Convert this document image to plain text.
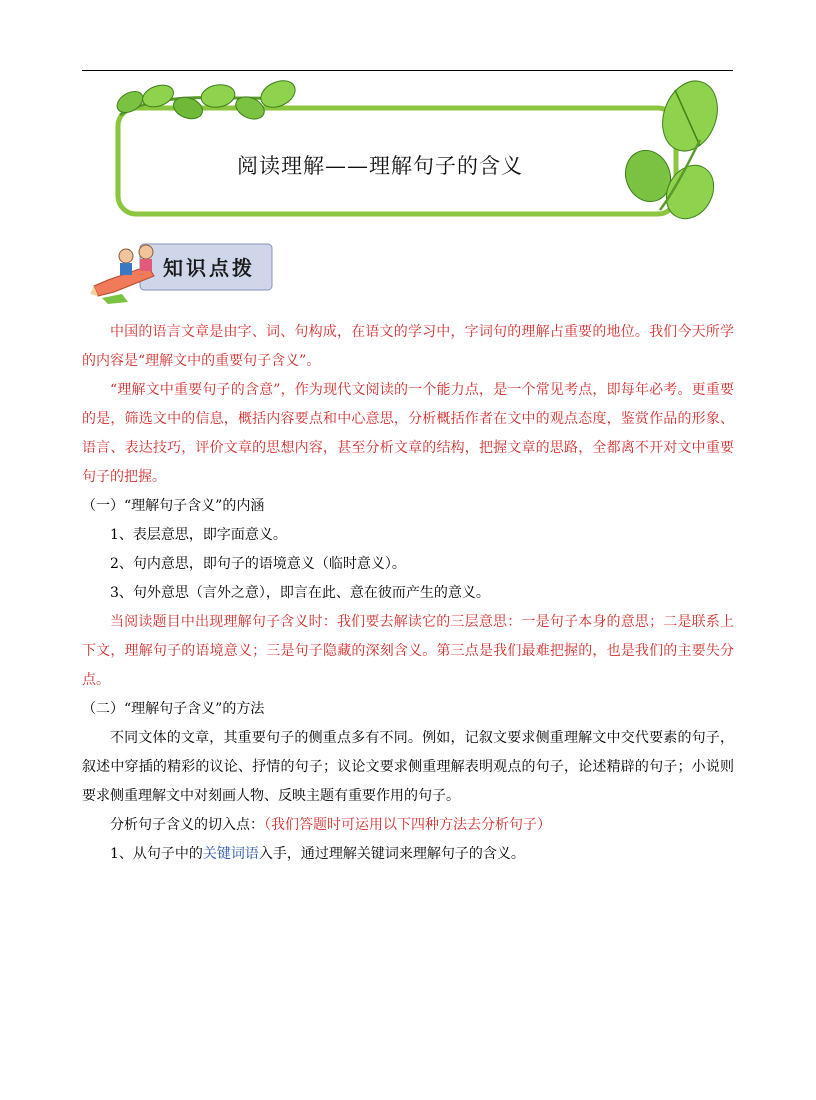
阅读理解——理解句子的含义
知识点拨

中国的语言文章是由字、词、句构成，在语文的学习中，字词句的理解占重要的地位。我们今天所学的内容是“理解文中的重要句子含义”。

“理解文中重要句子的含意”，作为现代文阅读的一个能力点，是一个常见考点，即每年必考。更重要的是，筛选文中的信息，概括内容要点和中心意思，分析概括作者在文中的观点态度，鉴赏作品的形象、语言、表达技巧，评价文章的思想内容，甚至分析文章的结构，把握文章的思路，全都离不开对文中重要句子的把握。

（一）“理解句子含义”的内涵

1、表层意思，即字面意义。

2、句内意思，即句子的语境意义（临时意义）。

3、句外意思（言外之意），即言在此、意在彼而产生的意义。

当阅读题目中出现理解句子含义时：我们要去解读它的三层意思：一是句子本身的意思；二是联系上下文，理解句子的语境意义；三是句子隐藏的深刻含义。第三点是我们最难把握的，也是我们的主要失分点。

（二）“理解句子含义”的方法

不同文体的文章，其重要句子的侧重点多有不同。例如，记叙文要求侧重理解文中交代要素的句子，叙述中穿插的精彩的议论、抒情的句子；议论文要求侧重理解表明观点的句子，论述精辟的句子；小说则要求侧重理解文中对刻画人物、反映主题有重要作用的句子。

分析句子含义的切入点：（我们答题时可运用以下四种方法去分析句子）

1、从句子中的关键词语入手，通过理解关键词来理解句子的含义。
